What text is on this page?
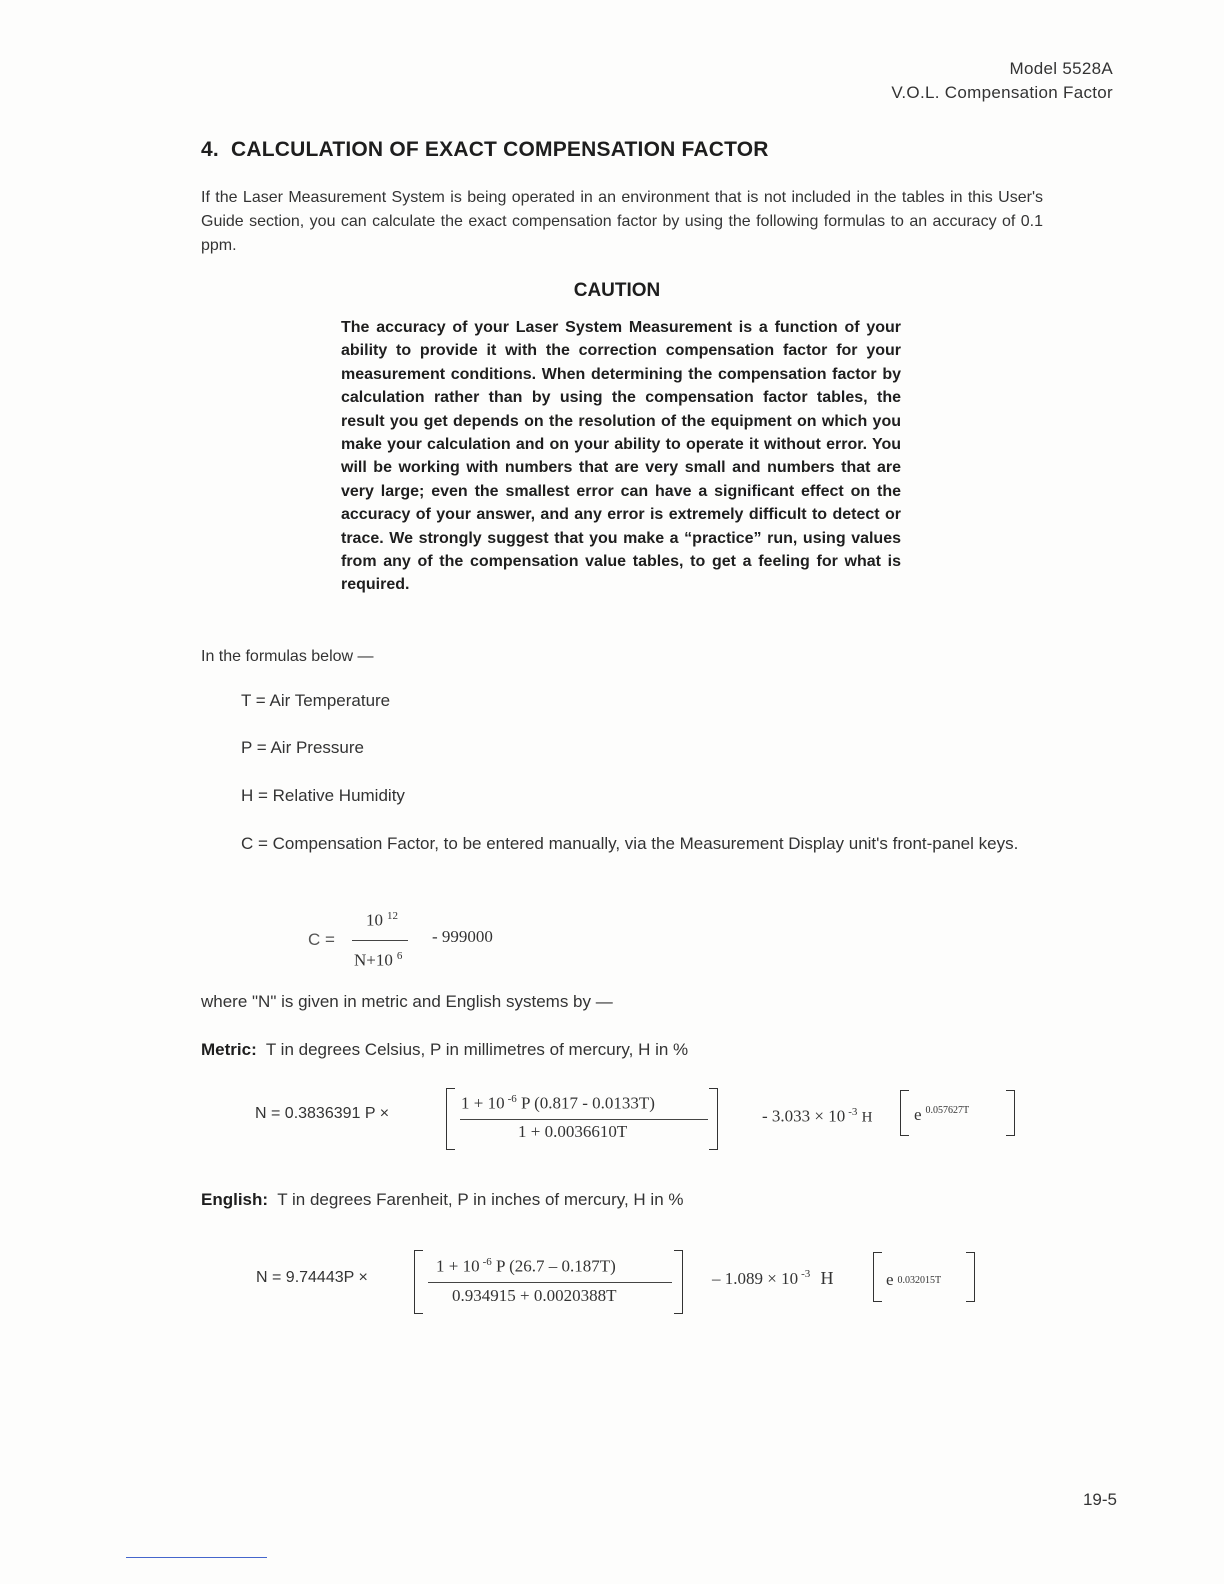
Model 5528A
V.O.L. Compensation Factor
4. CALCULATION OF EXACT COMPENSATION FACTOR
If the Laser Measurement System is being operated in an environment that is not included in the tables in this User's Guide section, you can calculate the exact compensation factor by using the following formulas to an accuracy of 0.1 ppm.
CAUTION
The accuracy of your Laser System Measurement is a function of your ability to provide it with the correction compensation factor for your measurement conditions. When determining the compensation factor by calculation rather than by using the compensation factor tables, the result you get depends on the resolution of the equipment on which you make your calculation and on your ability to operate it without error. You will be working with numbers that are very small and numbers that are very large; even the smallest error can have a significant effect on the accuracy of your answer, and any error is extremely difficult to detect or trace. We strongly suggest that you make a “practice” run, using values from any of the compensation value tables, to get a feeling for what is required.
In the formulas below —
T = Air Temperature
P = Air Pressure
H = Relative Humidity
C = Compensation Factor, to be entered manually, via the Measurement Display unit's front-panel keys.
C =
10 $^{12}$
N+10 $^6$
- 999000
where "N" is given in metric and English systems by —
Metric: T in degrees Celsius, P in millimetres of mercury, H in %
N = 0.3836391 P ×
1 + 10 $^{-6}$ P (0.817 - 0.0133T)
1 + 0.0036610T
- 3.033 × 10 $^{-3}$ H e $^{0.057627T}$
English: T in degrees Farenheit, P in inches of mercury, H in %
N = 9.74443P ×
1 + 10 $^{-6}$ P (26.7 – 0.187T)
0.934915 + 0.0020388T
– 1.089 × 10 $^{-3}$ H	e $^{0.032015T}$
19-5
